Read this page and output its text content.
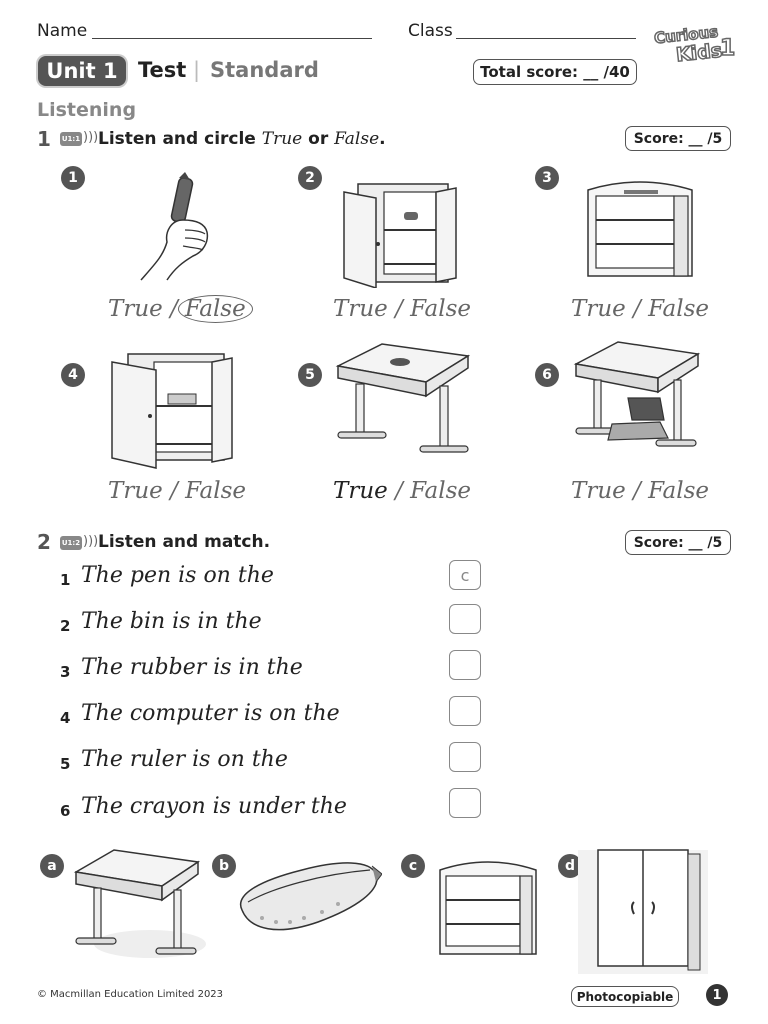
Name	Class	Curious
Kids
1
Unit 1 Test | Standard	Total score: __ /40
Listening
1 U1:1 ))) Listen and circle True or False.	Score: __ /5
1	2	3
True / False	True / False	True / False
4	5	6
True / False	True / False	True / False
2 U1:2 ))) Listen and match.	Score: __ /5
1 The pen is on the	c
2 The bin is in the
3 The rubber is in the
4 The computer is on the
5 The ruler is on the
6 The crayon is under the
a	b	c	d
© Macmillan Education Limited 2023	Photocopiable	1
